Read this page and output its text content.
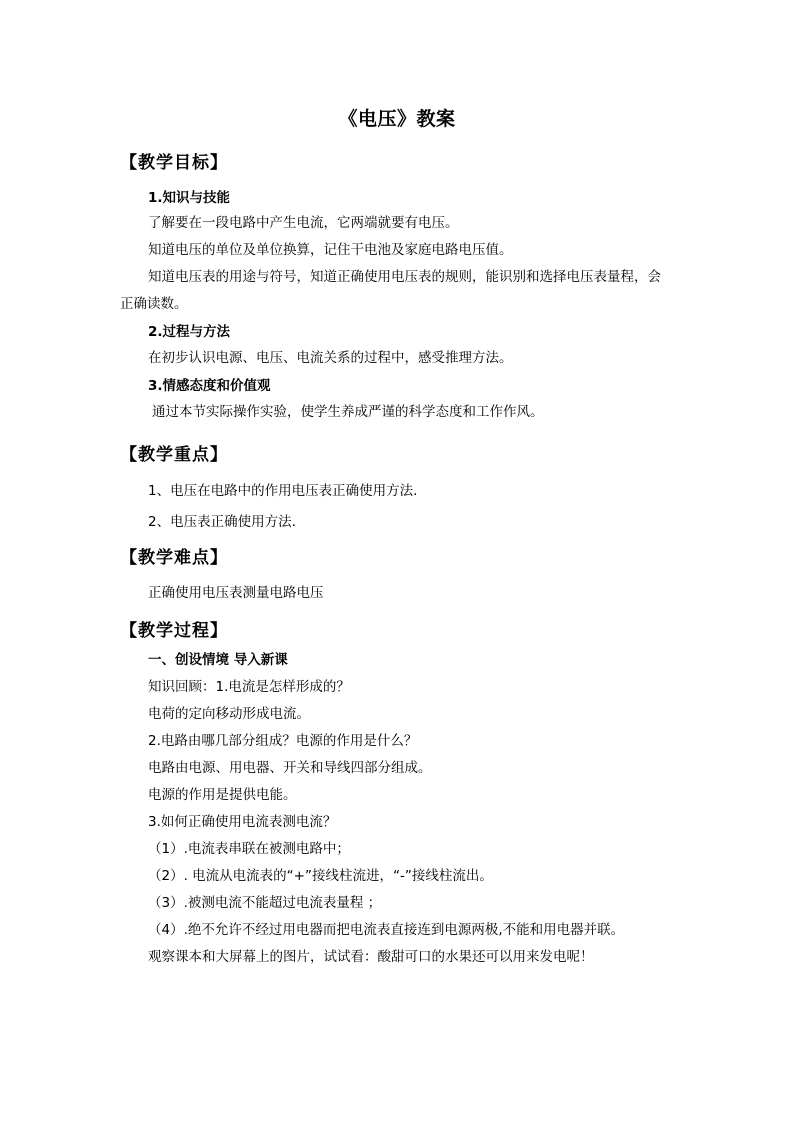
《电压》教案
【教学目标】
1.知识与技能
了解要在一段电路中产生电流，它两端就要有电压。
知道电压的单位及单位换算，记住干电池及家庭电路电压值。
知道电压表的用途与符号，知道正确使用电压表的规则，能识别和选择电压表量程，会
正确读数。
2.过程与方法
在初步认识电源、电压、电流关系的过程中，感受推理方法。
3.情感态度和价值观
通过本节实际操作实验，使学生养成严谨的科学态度和工作作风。
【教学重点】
1、电压在电路中的作用电压表正确使用方法.
2、电压表正确使用方法.
【教学难点】
正确使用电压表测量电路电压
【教学过程】
一、创设情境 导入新课
知识回顾：1.电流是怎样形成的？
电荷的定向移动形成电流。
2.电路由哪几部分组成？电源的作用是什么？
电路由电源、用电器、开关和导线四部分组成。
电源的作用是提供电能。
3.如何正确使用电流表测电流？
（1）.电流表串联在被测电路中；
（2）. 电流从电流表的“+”接线柱流进，“-”接线柱流出。
（3）.被测电流不能超过电流表量程 ；
（4）.绝不允许不经过用电器而把电流表直接连到电源两极,不能和用电器并联。
观察课本和大屏幕上的图片，试试看：酸甜可口的水果还可以用来发电呢！
